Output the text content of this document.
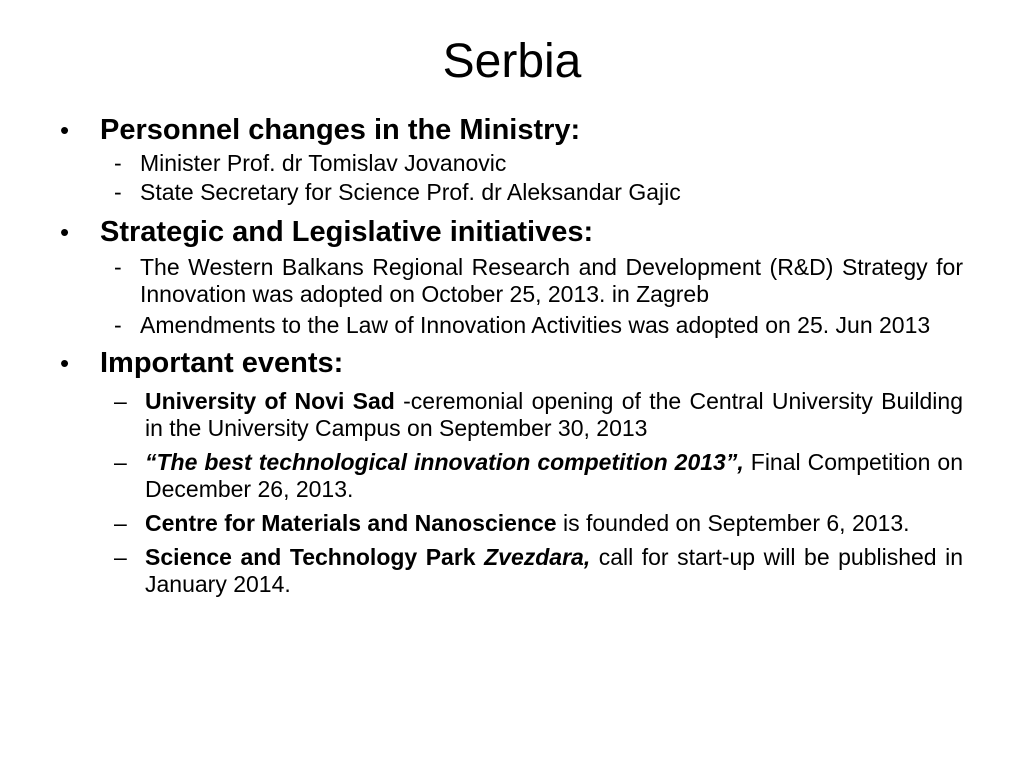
Serbia
•	Personnel changes in the Ministry:
- Minister Prof. dr Tomislav Jovanovic
- State Secretary for Science Prof. dr Aleksandar Gajic
•	Strategic and Legislative initiatives:
- The Western Balkans Regional Research and Development (R&D) Strategy for Innovation was adopted on October 25, 2013. in Zagreb
- Amendments to the Law of Innovation Activities was adopted on 25. Jun 2013
•	Important events:
– University of Novi Sad -ceremonial opening of the Central University Building in the University Campus on September 30, 2013
– “The best technological innovation competition 2013”, Final Competition on December 26, 2013.
– Centre for Materials and Nanoscience is founded on September 6, 2013.
– Science and Technology Park Zvezdara, call for start-up will be published in January 2014.
